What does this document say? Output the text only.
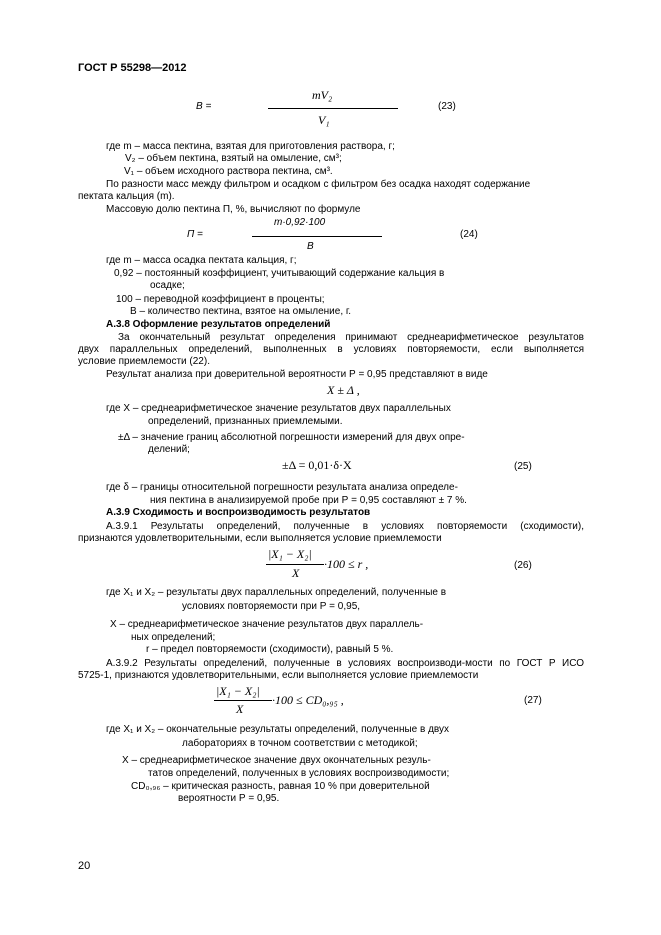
ГОСТ Р 55298—2012
mV₂
В =	(23)
V₁
где m – масса пектина, взятая для приготовления раствора, г;
V₂ – объем пектина, взятый на омыление, см³;
V₁ – объем исходного раствора пектина, см³.
По разности масс между фильтром и осадком с фильтром без осадка находят содержание
пектата кальция (m).
Массовую долю пектина П, %, вычисляют по формуле
m·0,92·100
П =	(24)
В
где m – масса осадка пектата кальция, г;
0,92 – постоянный коэффициент, учитывающий содержание кальция в
осадке;
100 – переводной коэффициент в проценты;
В – количество пектина, взятое на омыление, г.
А.3.8 Оформление результатов определений
За окончательный результат определения принимают среднеарифметическое результатов
двух параллельных определений, выполненных в условиях повторяемости, если выполняется
условие приемлемости (22).
Результат анализа при доверительной вероятности Р = 0,95 представляют в виде
X ± Δ ,
где X – среднеарифметическое значение результатов двух параллельных
определений, признанных приемлемыми.
±Δ – значение границ абсолютной погрешности измерений для двух опре-
делений;
±Δ = 0,01·δ·X	(25)
где δ – границы относительной погрешности результата анализа определе-
ния пектина в анализируемой пробе при Р = 0,95 составляют ± 7 %.
А.3.9 Сходимость и воспроизводимость результатов
А.3.9.1 Результаты определений, полученные в условиях повторяемости (сходимости),
признаются удовлетворительными, если выполняется условие приемлемости
|X₁ − X₂|
·100 ≤ r ,
X
(26)
где X₁ и X₂ – результаты двух параллельных определений, полученные в
условиях повторяемости при Р = 0,95,
X – среднеарифметическое значение результатов двух параллель-
ных определений;
r – предел повторяемости (сходимости), равный 5 %.
А.3.9.2 Результаты определений, полученные в условиях воспроизводи-мости по ГОСТ Р ИСО
5725-1, признаются удовлетворительными, если выполняется условие приемлемости
|X₁ − X₂|
·100 ≤ CD₀,₉₅ ,
X
(27)
где X₁ и X₂ – окончательные результаты определений, полученные в двух
лабораториях в точном соответствии с методикой;
X – среднеарифметическое значение двух окончательных резуль-
татов определений, полученных в условиях воспроизводимости;
CD₀,₉₆ – критическая разность, равная 10 % при доверительной
вероятности Р = 0,95.
20
